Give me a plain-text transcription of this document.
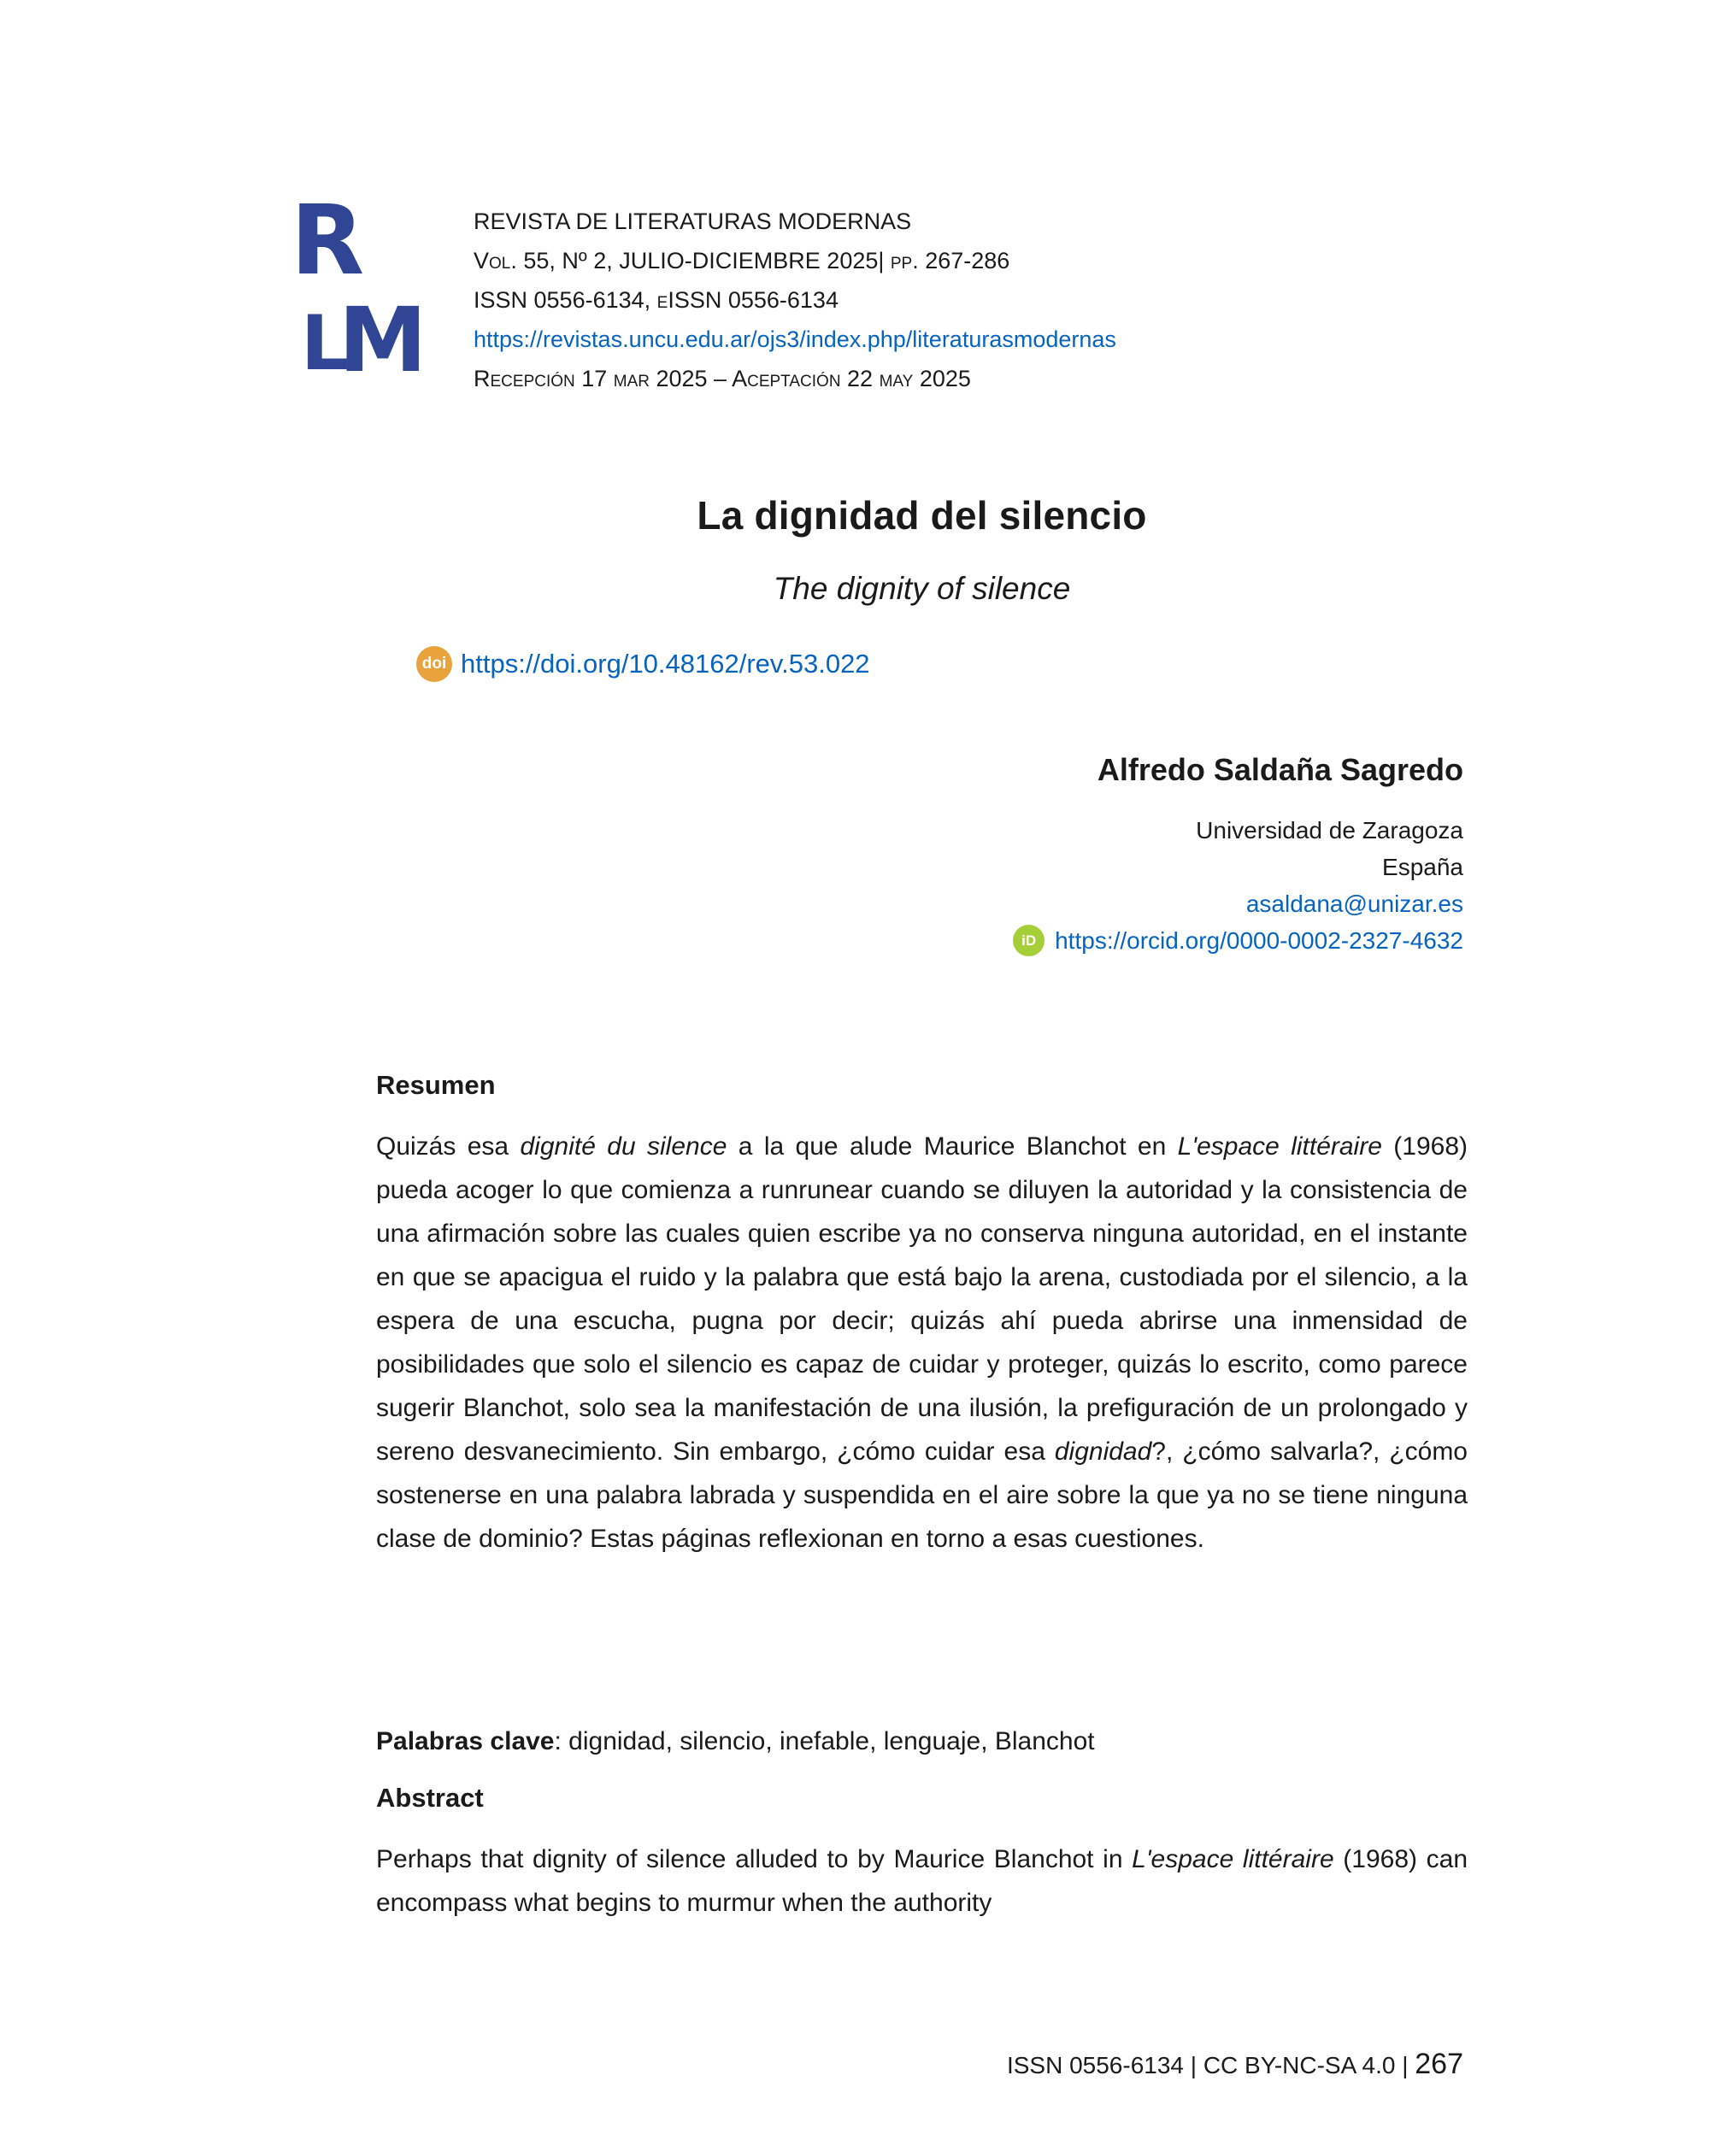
R
L
M
REVISTA DE LITERATURAS MODERNAS
Vol. 55, Nº 2, JULIO-DICIEMBRE 2025| pp. 267-286
ISSN 0556-6134, eISSN 0556-6134
https://revistas.uncu.edu.ar/ojs3/index.php/literaturasmodernas
Recepción 17 mar 2025 – Aceptación 22 may 2025
La dignidad del silencio
The dignity of silence
doi https://doi.org/10.48162/rev.53.022
Alfredo Saldaña Sagredo
Universidad de Zaragoza
España
asaldana@unizar.es
iD https://orcid.org/0000-0002-2327-4632
Resumen

Quizás esa dignité du silence a la que alude Maurice Blanchot en L'espace littéraire (1968) pueda acoger lo que comienza a runrunear cuando se diluyen la autoridad y la consistencia de una afirmación sobre las cuales quien escribe ya no conserva ninguna autoridad, en el instante en que se apacigua el ruido y la palabra que está bajo la arena, custodiada por el silencio, a la espera de una escucha, pugna por decir; quizás ahí pueda abrirse una inmensidad de posibilidades que solo el silencio es capaz de cuidar y proteger, quizás lo escrito, como parece sugerir Blanchot, solo sea la manifestación de una ilusión, la prefiguración de un prolongado y sereno desvanecimiento. Sin embargo, ¿cómo cuidar esa dignidad?, ¿cómo salvarla?, ¿cómo sostenerse en una palabra labrada y suspendida en el aire sobre la que ya no se tiene ninguna clase de dominio? Estas páginas reflexionan en torno a esas cuestiones.

Palabras clave: dignidad, silencio, inefable, lenguaje, Blanchot

Abstract

Perhaps that dignity of silence alluded to by Maurice Blanchot in L'espace littéraire (1968) can encompass what begins to murmur when the authority

ISSN 0556-6134 | CC BY-NC-SA 4.0 | 267
